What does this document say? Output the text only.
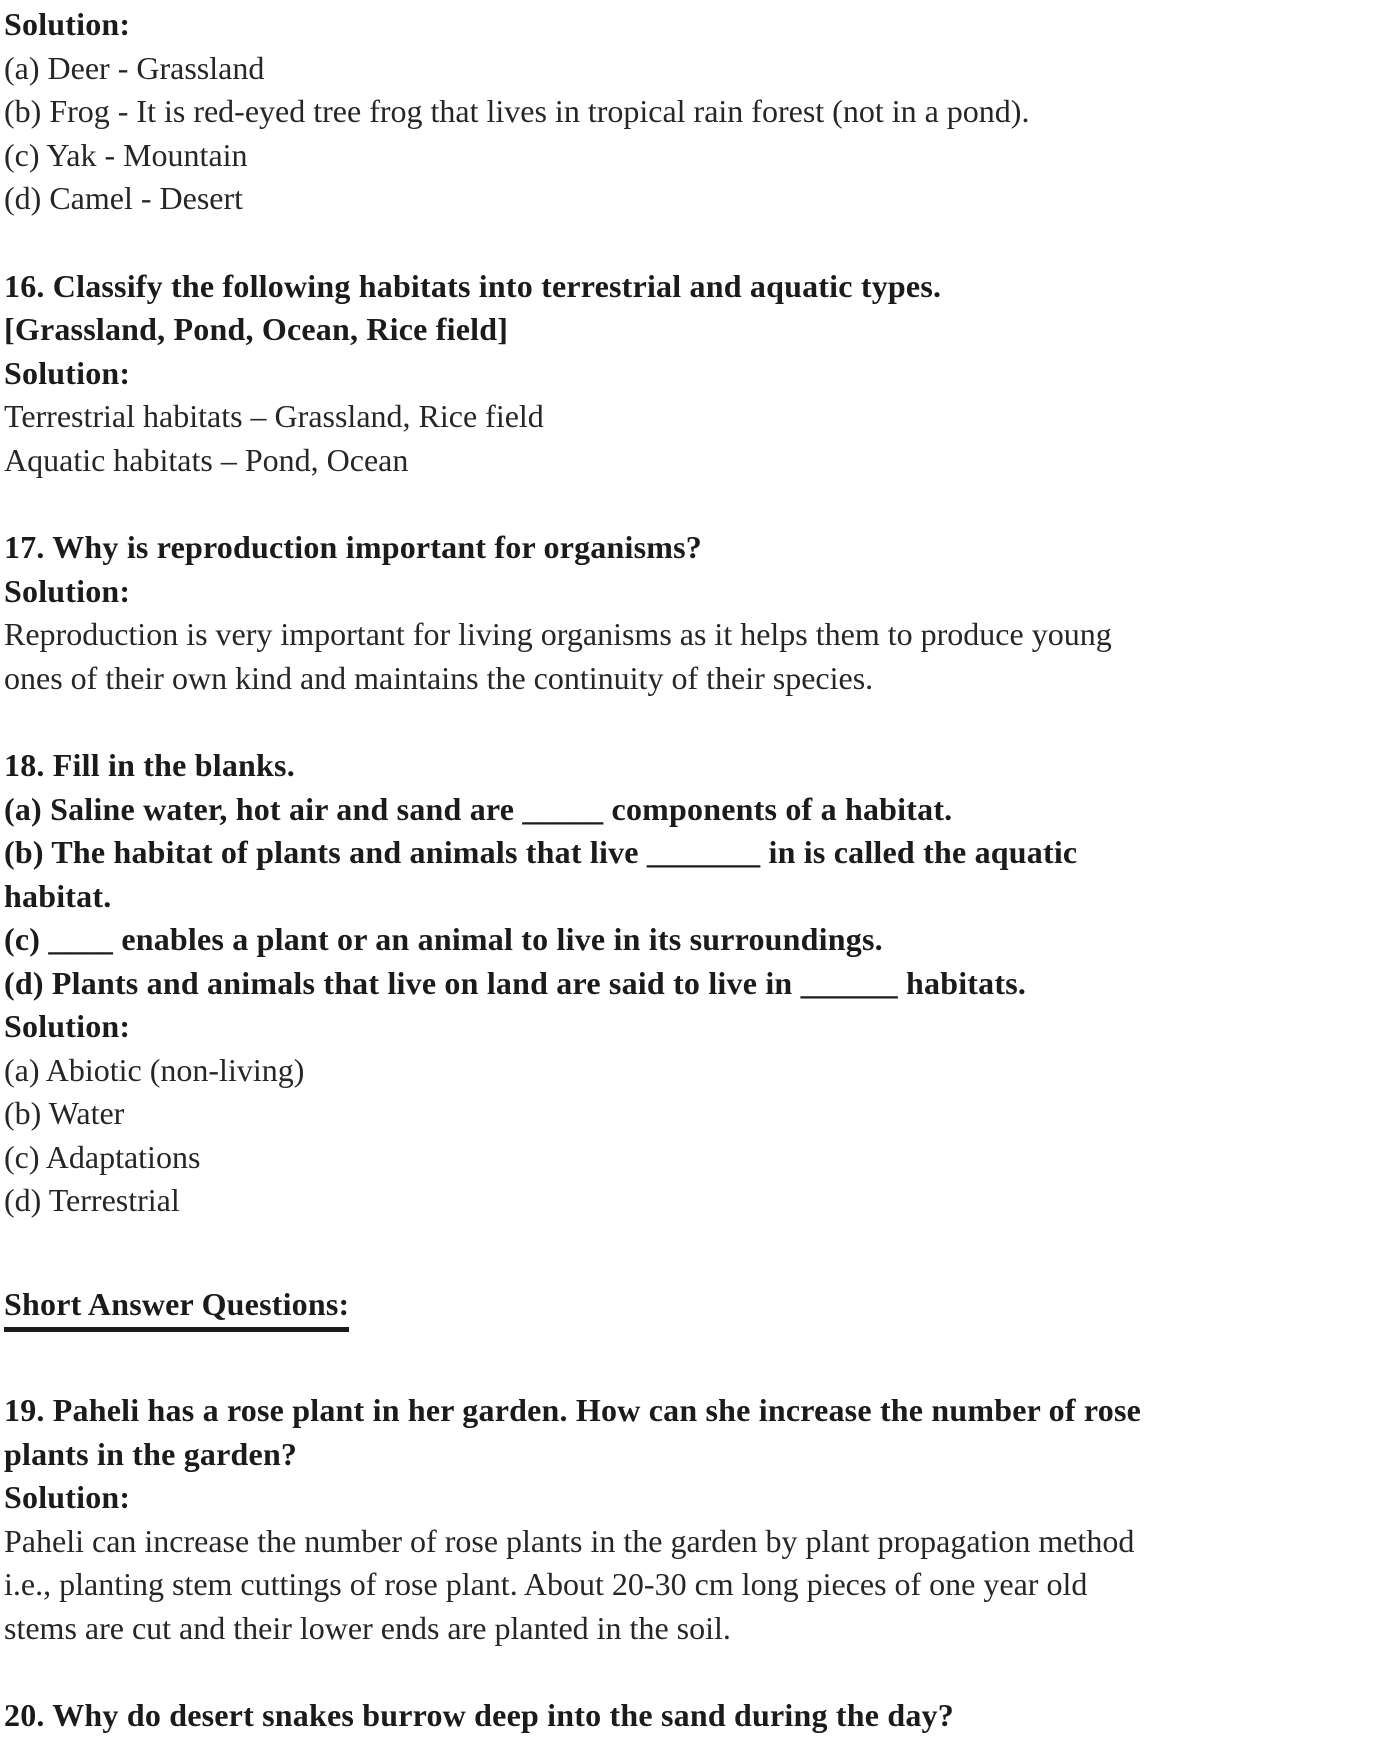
Solution:
(a) Deer - Grassland
(b) Frog - It is red-eyed tree frog that lives in tropical rain forest (not in a pond).
(c) Yak - Mountain
(d) Camel - Desert
16. Classify the following habitats into terrestrial and aquatic types.
[Grassland, Pond, Ocean, Rice field]
Solution:
Terrestrial habitats – Grassland, Rice field
Aquatic habitats – Pond, Ocean
17. Why is reproduction important for organisms?
Solution:
Reproduction is very important for living organisms as it helps them to produce young
ones of their own kind and maintains the continuity of their species.
18. Fill in the blanks.
(a) Saline water, hot air and sand are _____ components of a habitat.
(b) The habitat of plants and animals that live _______ in is called the aquatic
habitat.
(c) ____ enables a plant or an animal to live in its surroundings.
(d) Plants and animals that live on land are said to live in ______ habitats.
Solution:
(a) Abiotic (non-living)
(b) Water
(c) Adaptations
(d) Terrestrial
Short Answer Questions:
19. Paheli has a rose plant in her garden. How can she increase the number of rose
plants in the garden?
Solution:
Paheli can increase the number of rose plants in the garden by plant propagation method
i.e., planting stem cuttings of rose plant. About 20-30 cm long pieces of one year old
stems are cut and their lower ends are planted in the soil.
20. Why do desert snakes burrow deep into the sand during the day?
